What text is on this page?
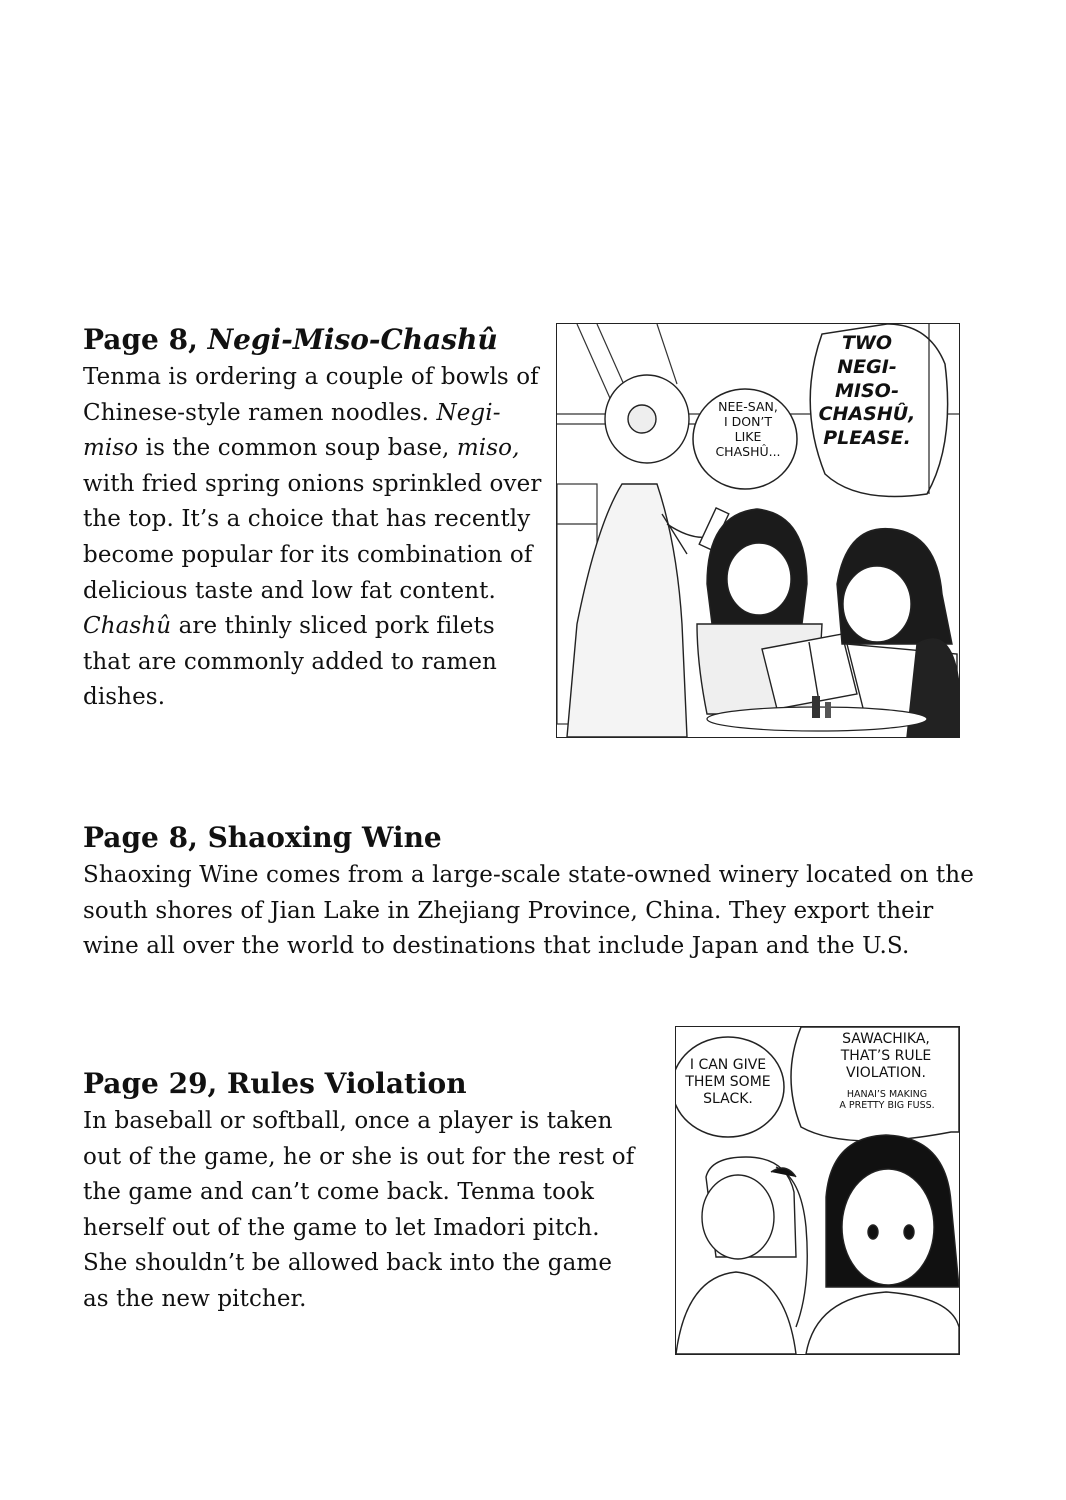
Page 8, Negi-Miso-Chashû

Tenma is ordering a couple of bowls of Chinese-style ramen noodles. Negi-miso is the common soup base, miso, with fried spring onions sprinkled over the top. It’s a choice that has recently become popular for its combination of delicious taste and low fat content. Chashû are thinly sliced pork filets that are commonly added to ramen dishes.

NEE-SAN,
I DON’T
LIKE
CHASHÛ...
TWO
NEGI-
MISO-
CHASHÛ,
PLEASE.
Page 8, Shaoxing Wine

Shaoxing Wine comes from a large-scale state-owned winery located on the south shores of Jian Lake in Zhejiang Province, China. They export their wine all over the world to destinations that include Japan and the U.S.

Page 29, Rules Violation

In baseball or softball, once a player is taken out of the game, he or she is out for the rest of the game and can’t come back. Tenma took herself out of the game to let Imadori pitch. She shouldn’t be allowed back into the game as the new pitcher.

I CAN GIVE
THEM SOME
SLACK.
SAWACHIKA,
THAT’S RULE
VIOLATION.
HANAI’S MAKING
A PRETTY BIG FUSS.
